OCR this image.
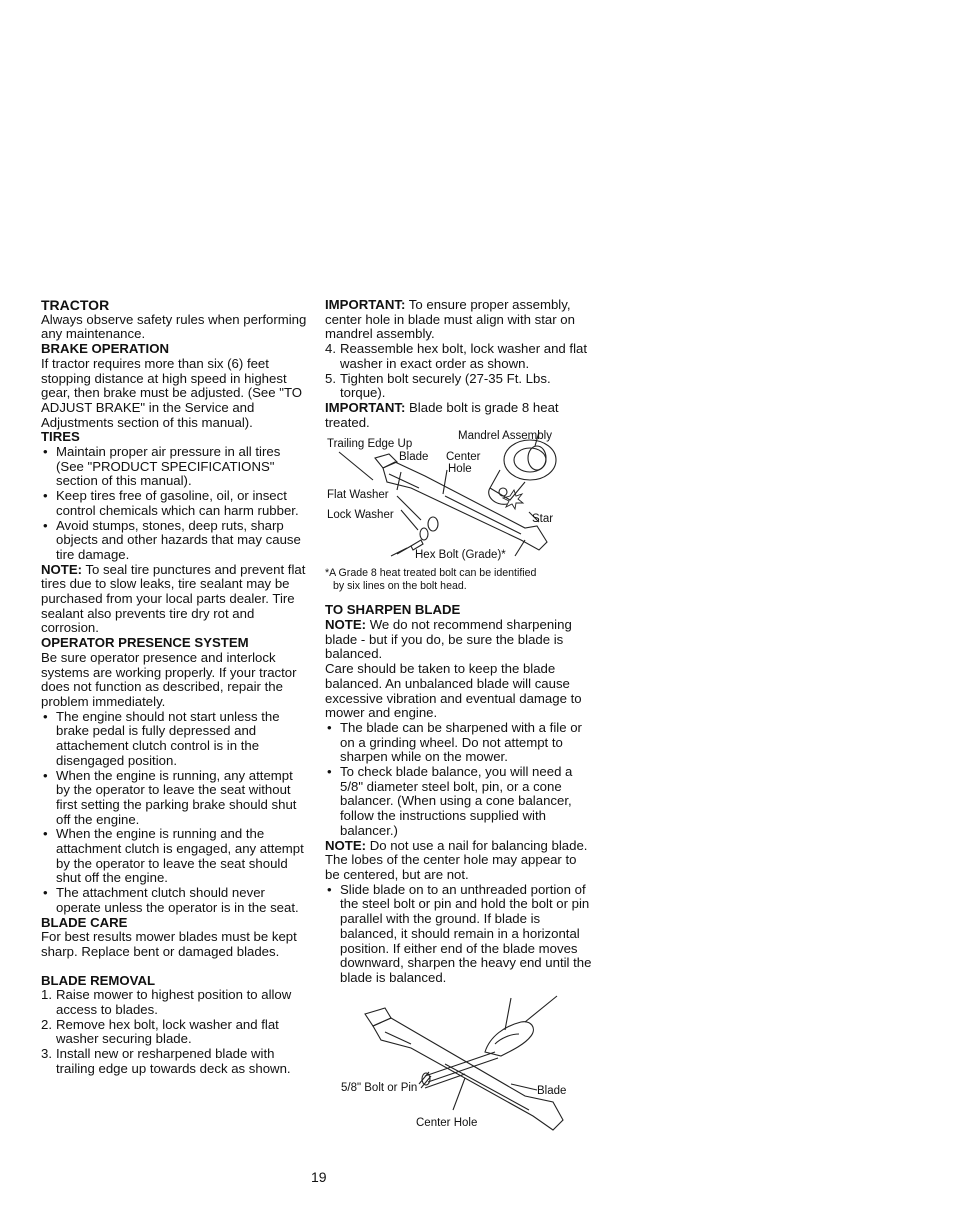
TRACTOR

Always observe safety rules when performing any maintenance.

BRAKE OPERATION

If tractor requires more than six (6) feet stopping distance at high speed in highest gear, then brake must be adjusted. (See "TO ADJUST BRAKE" in the Service and Adjustments section of this manual).

TIRES
• Maintain proper air pressure in all tires (See "PRODUCT SPECIFICATIONS" section of this manual).
• Keep tires free of gasoline, oil, or insect control chemicals which can harm rubber.
• Avoid stumps, stones, deep ruts, sharp objects and other hazards that may cause tire damage.

NOTE: To seal tire punctures and prevent flat tires due to slow leaks, tire sealant may be purchased from your local parts dealer. Tire sealant also prevents tire dry rot and corrosion.

OPERATOR PRESENCE SYSTEM

Be sure operator presence and interlock systems are working properly. If your tractor does not function as described, repair the problem immediately.

• The engine should not start unless the brake pedal is fully depressed and attachement clutch control is in the disengaged position.
• When the engine is running, any attempt by the operator to leave the seat without first setting the parking brake should shut off the engine.
• When the engine is running and the attachment clutch is engaged, any attempt by the operator to leave the seat should shut off the engine.
• The attachment clutch should never operate unless the operator is in the seat.
BLADE CARE

For best results mower blades must be kept sharp. Replace bent or damaged blades.

BLADE REMOVAL
1. Raise mower to highest position to allow access to blades.
2. Remove hex bolt, lock washer and flat washer securing blade.
3. Install new or resharpened blade with trailing edge up towards deck as shown.

IMPORTANT: To ensure proper assembly, center hole in blade must align with star on mandrel assembly.

4. Reassemble hex bolt, lock washer and flat washer in exact order as shown.
5. Tighten bolt securely (27-35 Ft. Lbs. torque).

IMPORTANT: Blade bolt is grade 8 heat treated.

Mandrel Assembly
Trailing Edge Up
Blade Center
Hole
Flat Washer
Lock Washer	Star
Hex Bolt (Grade)*
*A Grade 8 heat treated bolt can be identified
by six lines on the bolt head.
TO SHARPEN BLADE

NOTE: We do not recommend sharpening blade - but if you do, be sure the blade is balanced.

Care should be taken to keep the blade balanced. An unbalanced blade will cause excessive vibration and eventual damage to mower and engine.

• The blade can be sharpened with a file or on a grinding wheel. Do not attempt to sharpen while on the mower.
• To check blade balance, you will need a 5/8" diameter steel bolt, pin, or a cone balancer. (When using a cone balancer, follow the instructions supplied with balancer.)

NOTE: Do not use a nail for balancing blade. The lobes of the center hole may appear to be centered, but are not.

• Slide blade on to an unthreaded portion of the steel bolt or pin and hold the bolt or pin parallel with the ground. If blade is balanced, it should remain in a horizontal position. If either end of the blade moves downward, sharpen the heavy end until the blade is balanced.
5/8" Bolt or Pin	Blade
Center Hole
19
